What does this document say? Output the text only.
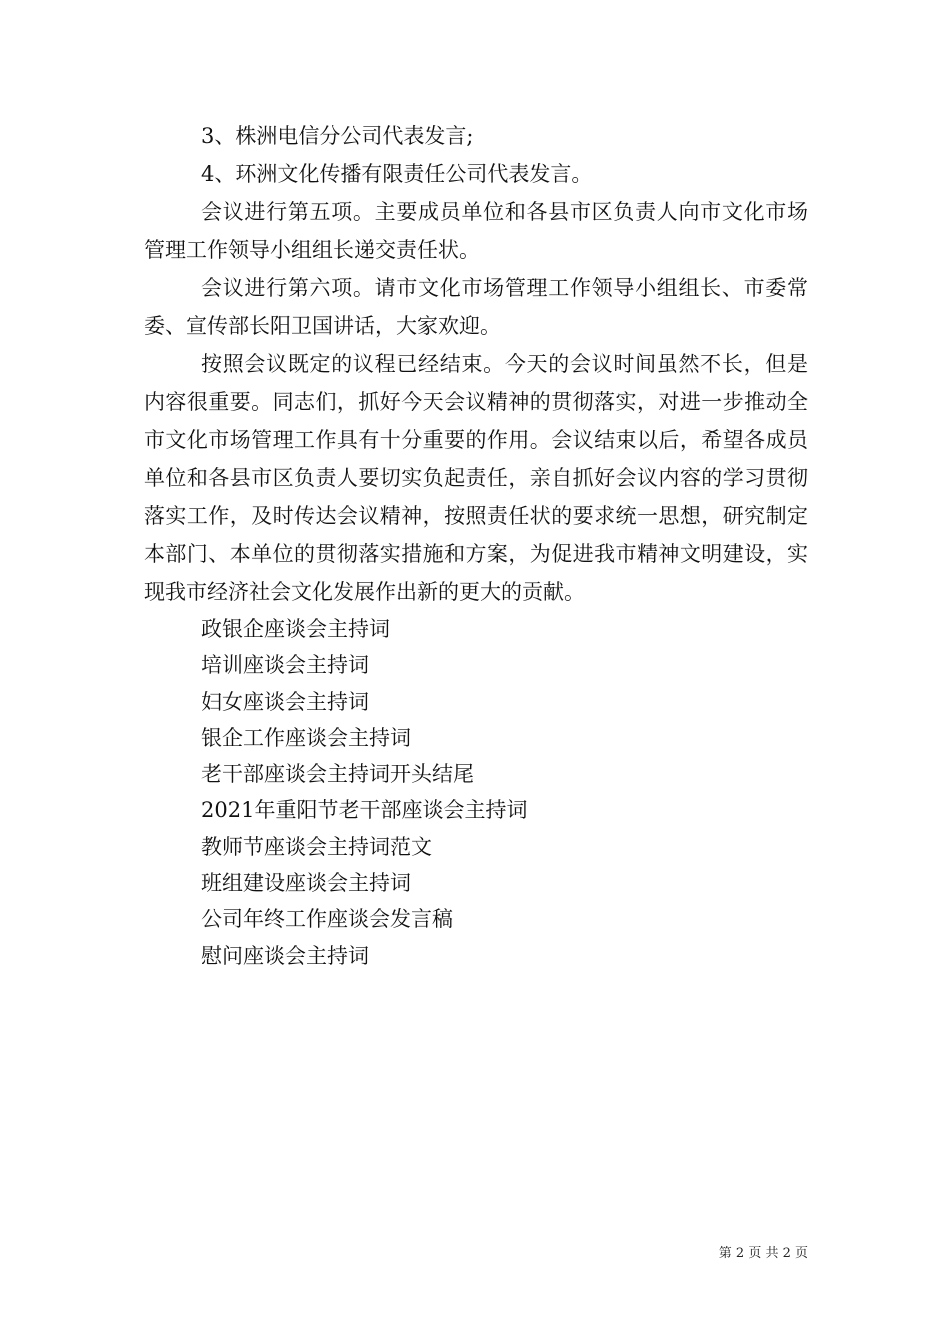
3、株洲电信分公司代表发言;

4、环洲文化传播有限责任公司代表发言。

会议进行第五项。主要成员单位和各县市区负责人向市文化市场管理工作领导小组组长递交责任状。

会议进行第六项。请市文化市场管理工作领导小组组长、市委常委、宣传部长阳卫国讲话，大家欢迎。

按照会议既定的议程已经结束。今天的会议时间虽然不长，但是内容很重要。同志们，抓好今天会议精神的贯彻落实，对进一步推动全市文化市场管理工作具有十分重要的作用。会议结束以后，希望各成员单位和各县市区负责人要切实负起责任，亲自抓好会议内容的学习贯彻落实工作，及时传达会议精神，按照责任状的要求统一思想，研究制定本部门、本单位的贯彻落实措施和方案，为促进我市精神文明建设，实现我市经济社会文化发展作出新的更大的贡献。

政银企座谈会主持词
培训座谈会主持词
妇女座谈会主持词
银企工作座谈会主持词
老干部座谈会主持词开头结尾
2021年重阳节老干部座谈会主持词
教师节座谈会主持词范文
班组建设座谈会主持词
公司年终工作座谈会发言稿
慰问座谈会主持词
第 2 页 共 2 页
